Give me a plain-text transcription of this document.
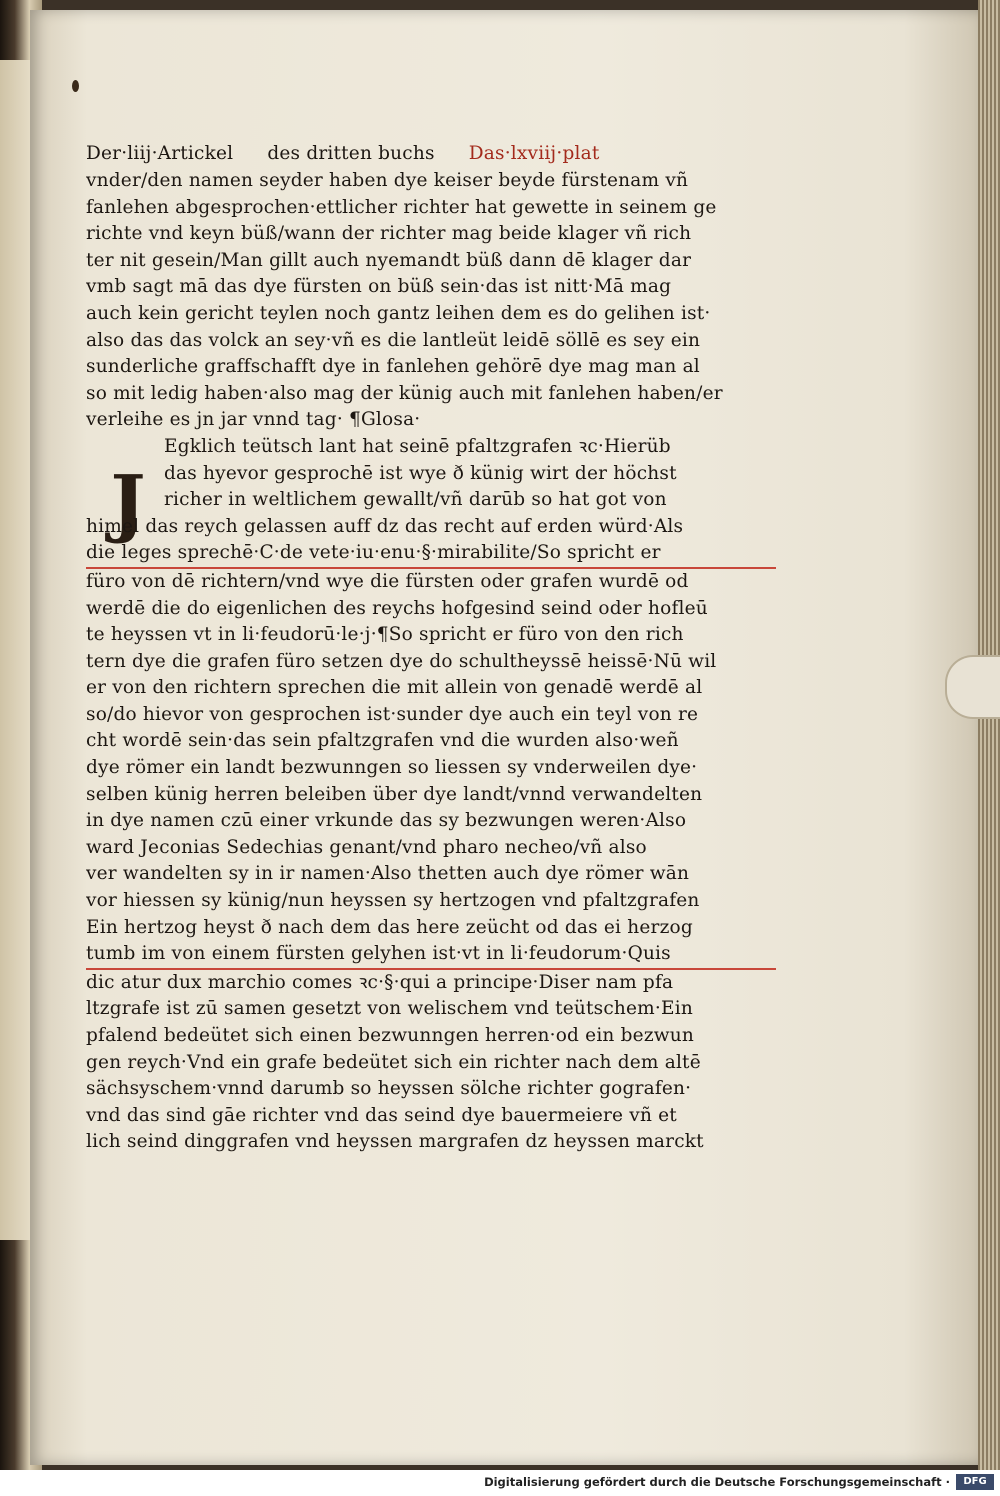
J
Der·liij·Artickel des dritten buchs Das·lxviij·plat
vnder/den namen seyder haben dye keiser beyde fürstenam vñ
fanlehen abgesprochen·ettlicher richter hat gewette in seinem ge
richte vnd keyn büß/wann der richter mag beide klager vñ rich
ter nit gesein/Man gillt auch nyemandt büß dann dē klager dar
vmb sagt mā das dye fürsten on büß sein·das ist nitt·Mā mag
auch kein gericht teylen noch gantz leihen dem es do gelihen ist·
also das das volck an sey·vñ es die lantleüt leidē söllē es sey ein
sunderliche graffschafft dye in fanlehen gehörē dye mag man al
so mit ledig haben·also mag der künig auch mit fanlehen haben/er
verleihe es jn jar vnnd tag· ¶Glosa·
Egklich teütsch lant hat seinē pfaltzgrafen ꝛc·Hierüb
das hyevor gesprochē ist wye ð künig wirt der höchst
richer in weltlichem gewallt/vñ darūb so hat got von
himel das reych gelassen auff dz das recht auf erden würd·Als
die leges sprechē·C·de vete·iu·enu·§·mirabilite/So spricht er
füro von dē richtern/vnd wye die fürsten oder grafen wurdē od
werdē die do eigenlichen des reychs hofgesind seind oder hofleū
te heyssen vt in li·feudorū·le·j·¶So spricht er füro von den rich
tern dye die grafen füro setzen dye do schultheyssē heissē·Nū wil
er von den richtern sprechen die mit allein von genadē werdē al
so/do hievor von gesprochen ist·sunder dye auch ein teyl von re
cht wordē sein·das sein pfaltzgrafen vnd die wurden also·weñ
dye römer ein landt bezwunngen so liessen sy vnderweilen dye·
selben künig herren beleiben über dye landt/vnnd verwandelten
in dye namen czū einer vrkunde das sy bezwungen weren·Also
ward Jeconias Sedechias genant/vnd pharo necheo/vñ also
ver wandelten sy in ir namen·Also thetten auch dye römer wān
vor hiessen sy künig/nun heyssen sy hertzogen vnd pfaltzgrafen
Ein hertzog heyst ð nach dem das here zeücht od das ei herzog
tumb im von einem fürsten gelyhen ist·vt in li·feudorum·Quis
dic atur dux marchio comes ꝛc·§·qui a principe·Diser nam pfa
ltzgrafe ist zū samen gesetzt von welischem vnd teütschem·Ein
pfalend bedeütet sich einen bezwunngen herren·od ein bezwun
gen reych·Vnd ein grafe bedeütet sich ein richter nach dem altē
sächsyschem·vnnd darumb so heyssen sölche richter gografen·
vnd das sind gāe richter vnd das seind dye bauermeiere vñ et
lich seind dinggrafen vnd heyssen margrafen dz heyssen marckt
Digitalisierung gefördert durch die Deutsche Forschungsgemeinschaft ·	DFG
